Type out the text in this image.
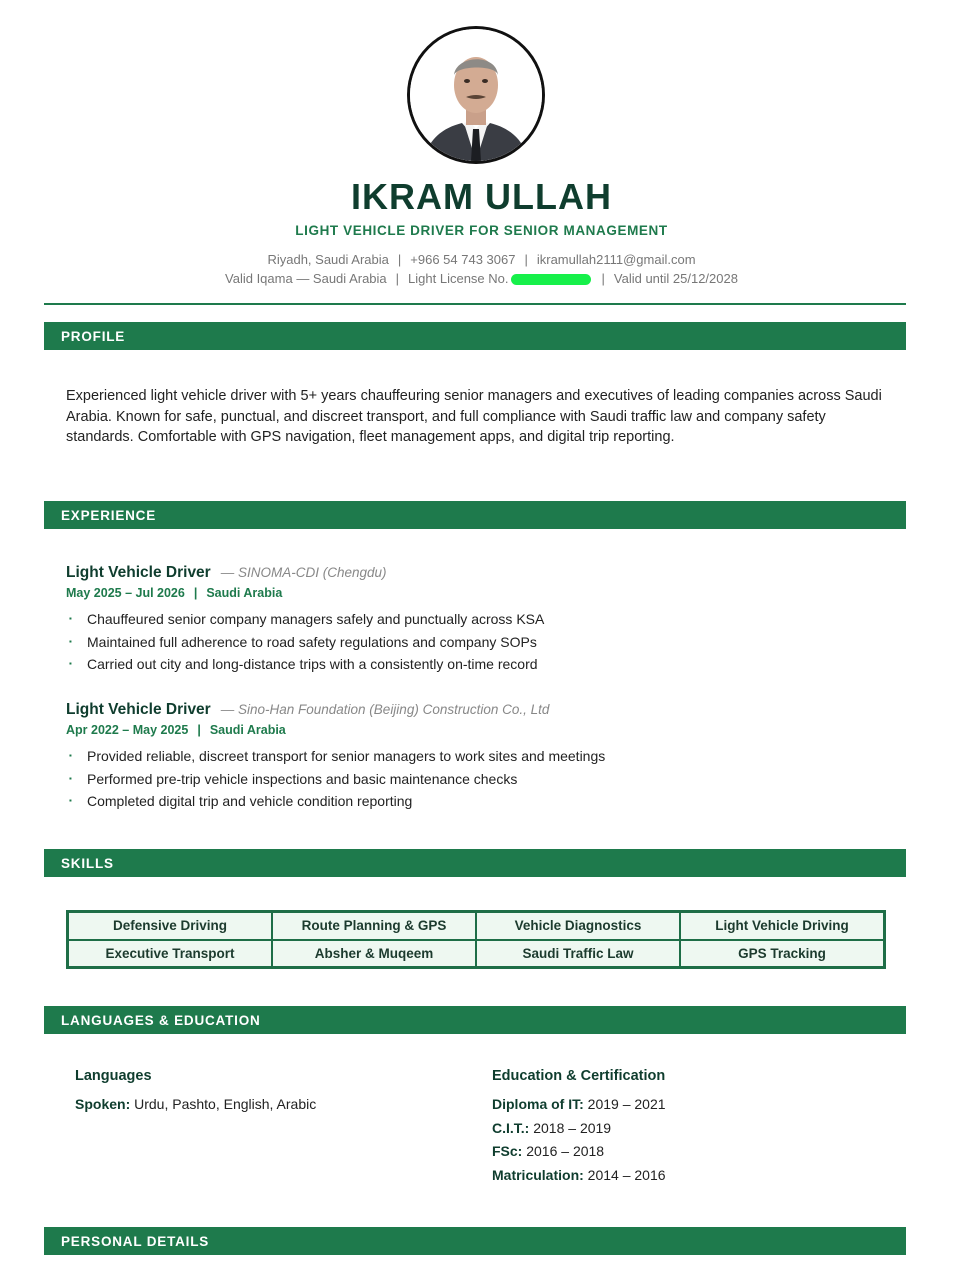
IKRAM ULLAH
LIGHT VEHICLE DRIVER FOR SENIOR MANAGEMENT
Riyadh, Saudi Arabia | +966 54 743 3067 | ikramullah2111@gmail.com
Valid Iqama — Saudi Arabia | Light License No.	| Valid until 25/12/2028
PROFILE
Experienced light vehicle driver with 5+ years chauffeuring senior managers and executives of leading companies across Saudi Arabia. Known for safe, punctual, and discreet transport, and full compliance with Saudi traffic law and company safety standards. Comfortable with GPS navigation, fleet management apps, and digital trip reporting.
EXPERIENCE
Light Vehicle Driver — SINOMA-CDI (Chengdu)
May 2025 – Jul 2026 | Saudi Arabia
▪ Chauffeured senior company managers safely and punctually across KSA
▪ Maintained full adherence to road safety regulations and company SOPs
▪ Carried out city and long-distance trips with a consistently on-time record
Light Vehicle Driver — Sino-Han Foundation (Beijing) Construction Co., Ltd
Apr 2022 – May 2025 | Saudi Arabia
▪ Provided reliable, discreet transport for senior managers to work sites and meetings
▪ Performed pre-trip vehicle inspections and basic maintenance checks
▪ Completed digital trip and vehicle condition reporting
SKILLS
Defensive Driving	Route Planning & GPS	Vehicle Diagnostics	Light Vehicle Driving
Executive Transport	Absher & Muqeem	Saudi Traffic Law	GPS Tracking
LANGUAGES & EDUCATION
Languages
Spoken: Urdu, Pashto, English, Arabic
Education & Certification
Diploma of IT: 2019 – 2021
C.I.T.: 2018 – 2019
FSc: 2016 – 2018
Matriculation: 2014 – 2016
PERSONAL DETAILS
